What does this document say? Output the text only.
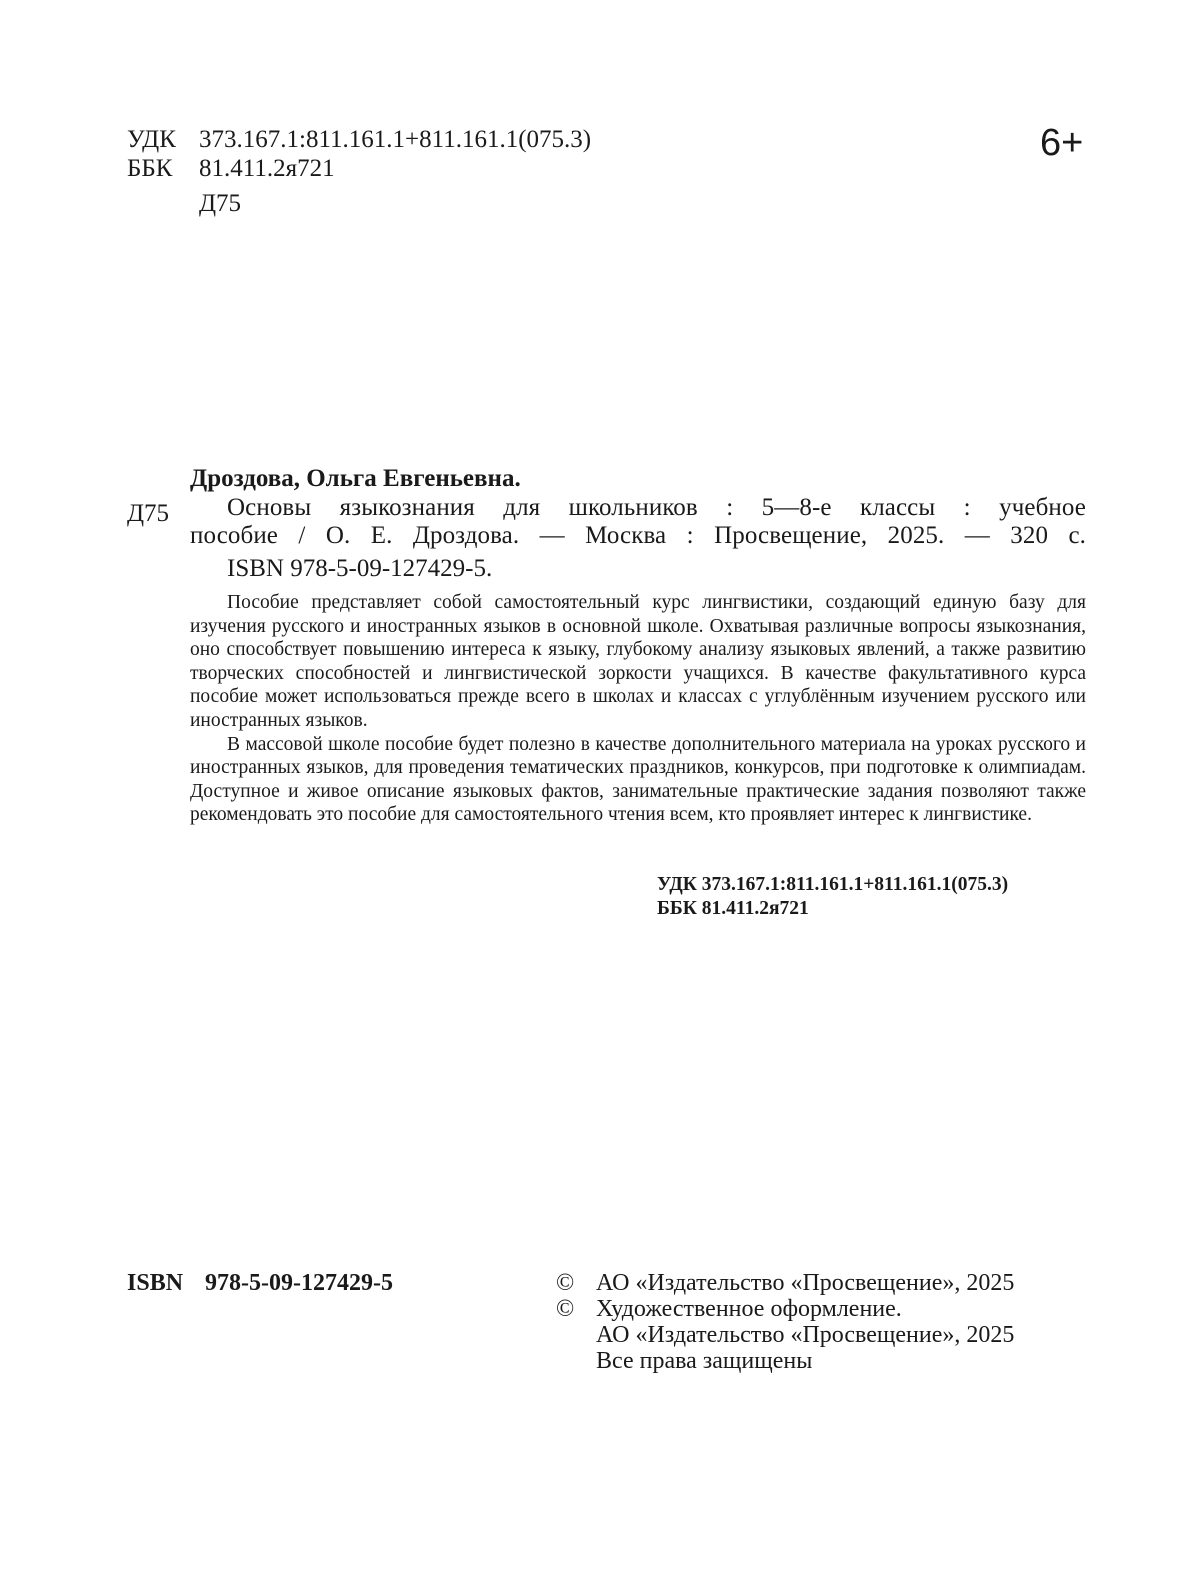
УДК 373.167.1:811.161.1+811.161.1(075.3)
ББК 81.411.2я721
Д75
6+
Д75
Дроздова, Ольга Евгеньевна.
Основы языкознания для школьников : 5—8-е классы : учебное
пособие / О. Е. Дроздова. — Москва : Просвещение, 2025. — 320 с.
ISBN 978-5-09-127429-5.

Пособие представляет собой самостоятельный курс лингвистики, создающий единую базу для изучения русского и иностранных языков в основной школе. Охватывая различные вопросы языкознания, оно способствует повышению интереса к языку, глубокому анализу языковых явлений, а также развитию творческих способностей и лингвистической зоркости учащихся. В качестве факультативного курса пособие может использоваться прежде всего в школах и классах с углублённым изучением русского или иностранных языков.

В массовой школе пособие будет полезно в качестве дополнительного материала на уроках русского и иностранных языков, для проведения тематических праздников, конкурсов, при подготовке к олимпиадам. Доступное и живое описание языковых фактов, занимательные практические задания позволяют также рекомендовать это пособие для самостоятельного чтения всем, кто проявляет интерес к лингвистике.

УДК 373.167.1:811.161.1+811.161.1(075.3)
ББК 81.411.2я721
ISBN 978-5-09-127429-5	© АО «Издательство «Просвещение», 2025
© Художественное оформление.
АО «Издательство «Просвещение», 2025
Все права защищены
